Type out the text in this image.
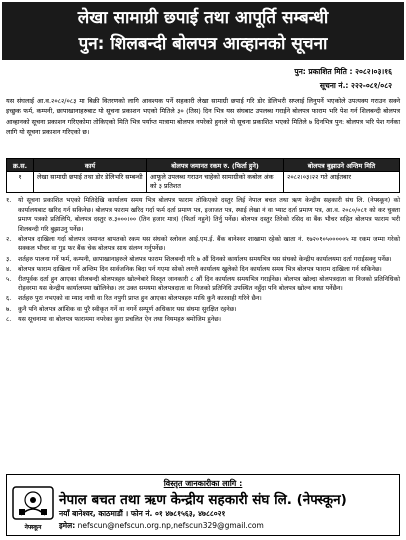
लेखा सामाग्री छपाई तथा आपूर्ति सम्बन्धी
पुन: शिलबन्दी बोलपत्र आव्हानको सूचना
पुन: प्रकाशित मिति : २०८२।०३।१६
सूचना नं.: २२२-०८१/०८२
यस संघलाई आ.व.२०८२/०८३ मा बिक्री वितरणको लागि आवश्यक पर्ने सहकारी लेखा सामाग्री छपाई गरि डोर डेलिभरी सप्लाई लिनुपर्ने भएकोले उपत्यक्य गराउन सक्ने इच्छुक फर्म, कम्पनी, छापाखानाहरुबाट यो सूचना प्रकाशन भएको मितिले ३० (तिस) दिन भित्र यस संघबाट उपलब्ध गराईने बोलपत्र फाराम भरि पेश गर्न शिलबन्दी बोलपत्र आव्हानको सूचना प्रकाशन गरिएकोमा तोकिएको मिति भित्र पर्याप्त मात्रामा बोलपत्र नपरेको हुनाले यो सूचना प्रकाशित भएको मितिले ७ दिनभित्र पुन: बोलपत्र भरि पेश गर्नका लागि यो सूचना प्रकाशन गरिएको छ।
क्र.स.	कार्य	बोलपत्र जमानत रकम रु. (फिर्ता हुने)	बोलपत्र बुझाउने अन्तिम मिति
१	लेखा सामाग्री छपाई तथा डोर डेलिभरि सम्बन्धी	आफूले उपलब्ध गराउन चाहेको सामाग्रीको कबोल अंक को ३ प्रतिशत	२०८२।०३।२२ गते आईतबार
१.	यो सूचना प्रकाशित भएको मितिदेखि कार्यालय समय भित्र बोलपत्र फाराम तोकिएको दस्तुर लिई नेपाल बचत तथा ऋण केन्द्रीय सहकारी संघ लि. (नेफ्स्कून) को कार्यालयबाट खरिद गर्न सकिनेछ। बोलपत्र फाराम खरिद गर्दा फर्म दर्ता प्रमाण पत्र, इजाजत पत्र, स्थाई लेखा नं वा भ्याट दर्ता प्रमाण पत्र, आ.व. २०८०/०८१ को कर चुक्ता प्रमाण पत्रको प्रतिलिपि, बोलपत्र दस्तुर रु.३०००।०० (तिन हजार मात्र) (फिर्ता नहुने) तिर्नु पर्नेछ। बोलपत्र दस्तुर तिरेको रसिद वा बैंक भौचर सहित बोलपत्र फाराम भरी शिलबन्दी गरि बुझाउनु पर्नेछ।
२.	बोलपत्र दाखिला गर्दा बोलपत्र जमानत बापतको रकम यस संघको स्लोवल आई.एम.ई. बैंक बानेश्वर शाखामा रहेको खाता नं. १७२०१०५०००००५ मा रकम जम्मा गरेको सक्कल भौचर वा गुड फर बैंक चेक बोलपत्र साथ संलग्न गर्नुपर्नेछ।
३.	शर्तहरु पालना गर्ने फर्म, कम्पनी, छापाखानाहरुले बोलपत्र फाराम शिलबन्दी गरि ७ औं दिनको कार्यालय समयभित्र यस संघको केन्द्रीय कार्यालयमा दर्ता गराईसक्नु पर्नेछ।
४.	बोलपत्र फाराम दाखिला गर्ने अन्तिम दिन सार्वजनिक बिदा पर्न गएमा सोको लगत्तै कार्यालय खुलेको दिन कार्यालय समय भित्र बोलपत्र फाराम दाखिला गर्न सकिनेछ।
५.	रीतपूर्वक दर्ता हुन आएका सीलबन्दी बोलपत्रहरु खोल्नेबारे विस्तृत जानकारी ८ औं दिन कार्यालय समयभित्र गराईनेछ। बोलपत्र खोल्दा बोलपत्रदाता वा निजको प्रतिनिधिको रोहवरमा यस केन्द्रीय कार्यालयमा खोलिनेछ। तर उक्त समयमा बोलपत्रदाता वा निजको प्रतिनिधि उपस्थित नहुँदा पनि बोलपत्र खोल्न बाधा पर्नेछैन।
६.	शर्तहरु पुरा नभएको वा म्याद नाघी वा रित नपुगी प्राप्त हुन आएका बोलपत्रहरु माथि कुनै कारवाही गरिने छैन।
७.	कुनै पनि बोलपत्र आंशिक वा पुरै स्वीकृत गर्ने वा नगर्ने सम्पूर्ण अधिकार यस संघमा सुरक्षित रहनेछ।
८.	यस सूचनामा वा बोलपत्र फाराममा नपरेका कुरा प्रचलित ऐन तथा नियमहरु बमोजिम हुनेछ।
विस्तृत जानकारीका लागि :
नेफ्स्कून
नेपाल बचत तथा ऋण केन्द्रीय सहकारी संघ लि. (नेफ्स्कून)
नयाँ बानेश्वर, काठमाडौं । फोन नं. ०१ ४७८१५६३, ४७८८०२१
इमेल: nefscun@nefscun.org.np,nefscun329@gmail.com
